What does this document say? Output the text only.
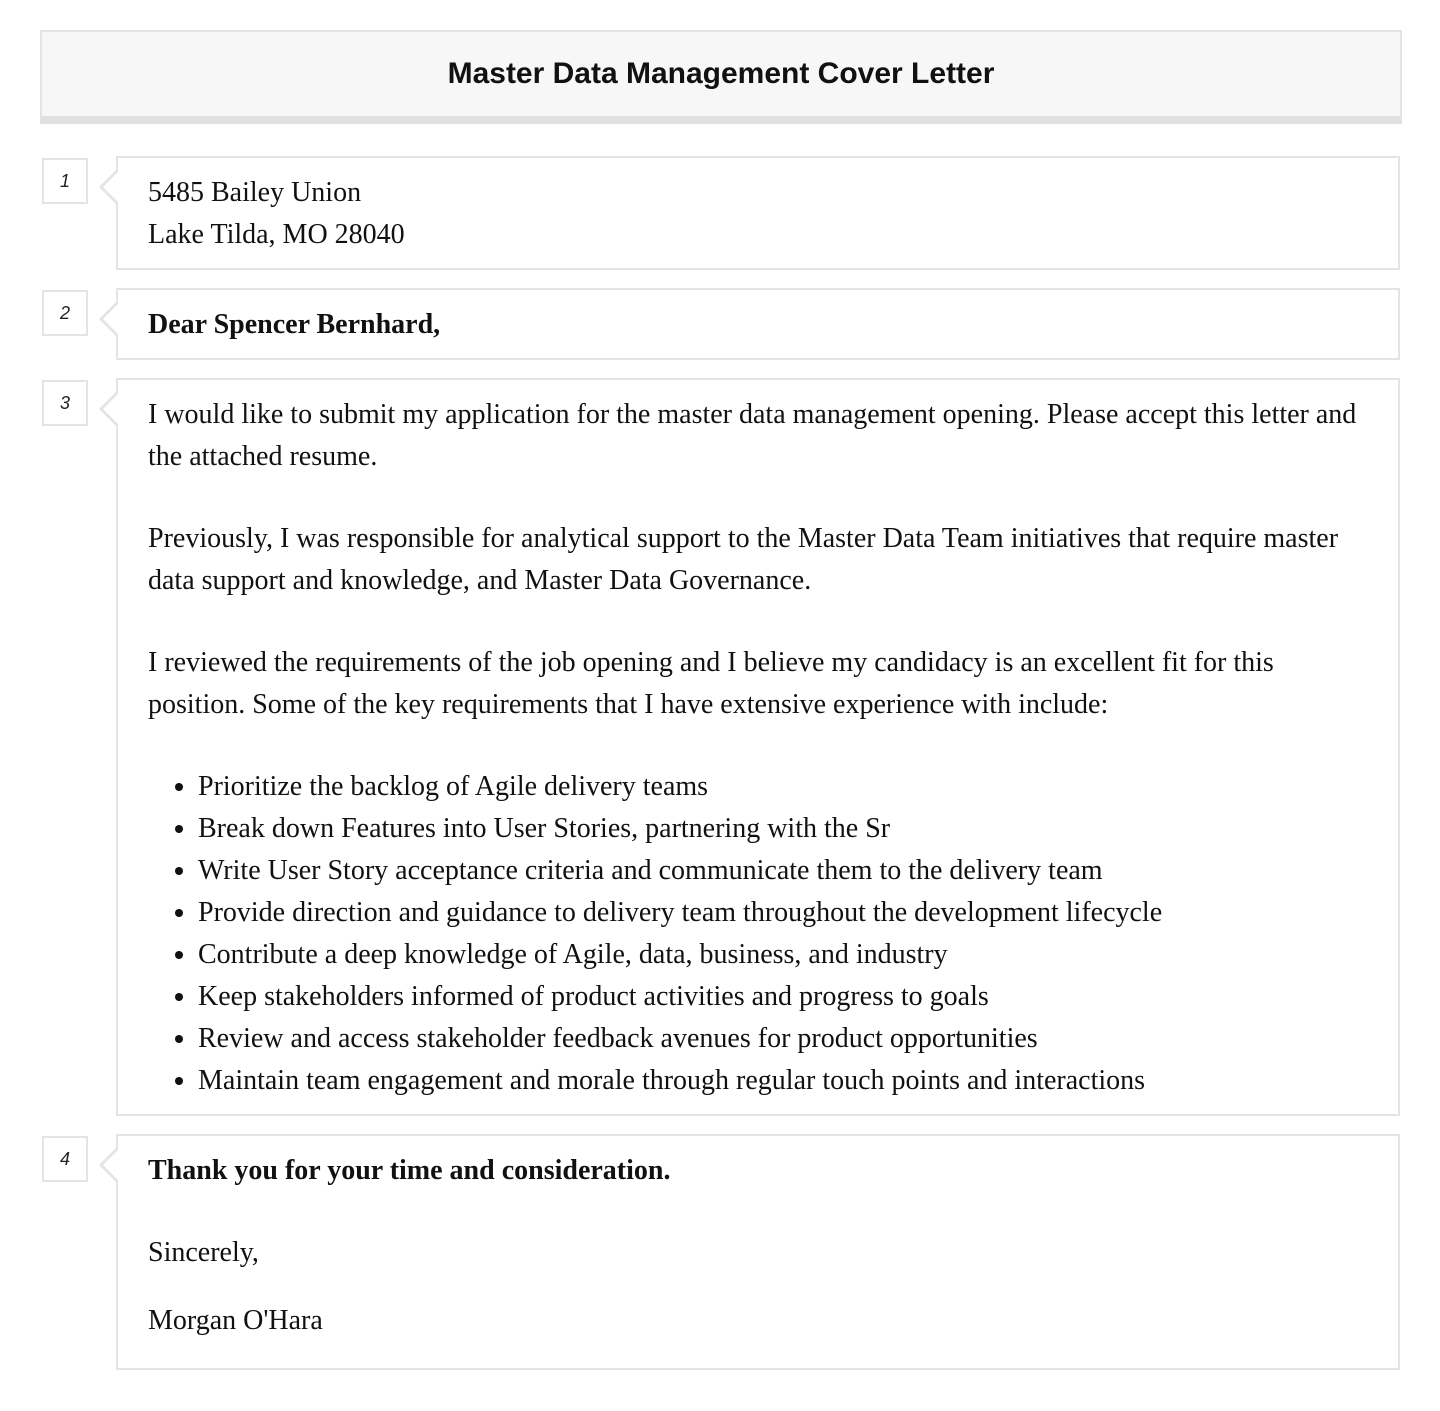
Master Data Management Cover Letter
1	5485 Bailey Union

Lake Tilda, MO 28040

2	Dear Spencer Bernhard,

3	I would like to submit my application for the master data management opening. Please accept this letter and the attached resume.

Previously, I was responsible for analytical support to the Master Data Team initiatives that require master data support and knowledge, and Master Data Governance.

I reviewed the requirements of the job opening and I believe my candidacy is an excellent fit for this position. Some of the key requirements that I have extensive experience with include:

• Prioritize the backlog of Agile delivery teams
• Break down Features into User Stories, partnering with the Sr
• Write User Story acceptance criteria and communicate them to the delivery team
• Provide direction and guidance to delivery team throughout the development lifecycle
• Contribute a deep knowledge of Agile, data, business, and industry
• Keep stakeholders informed of product activities and progress to goals
• Review and access stakeholder feedback avenues for product opportunities
• Maintain team engagement and morale through regular touch points and interactions
4	Thank you for your time and consideration.

Sincerely,

Morgan O'Hara
